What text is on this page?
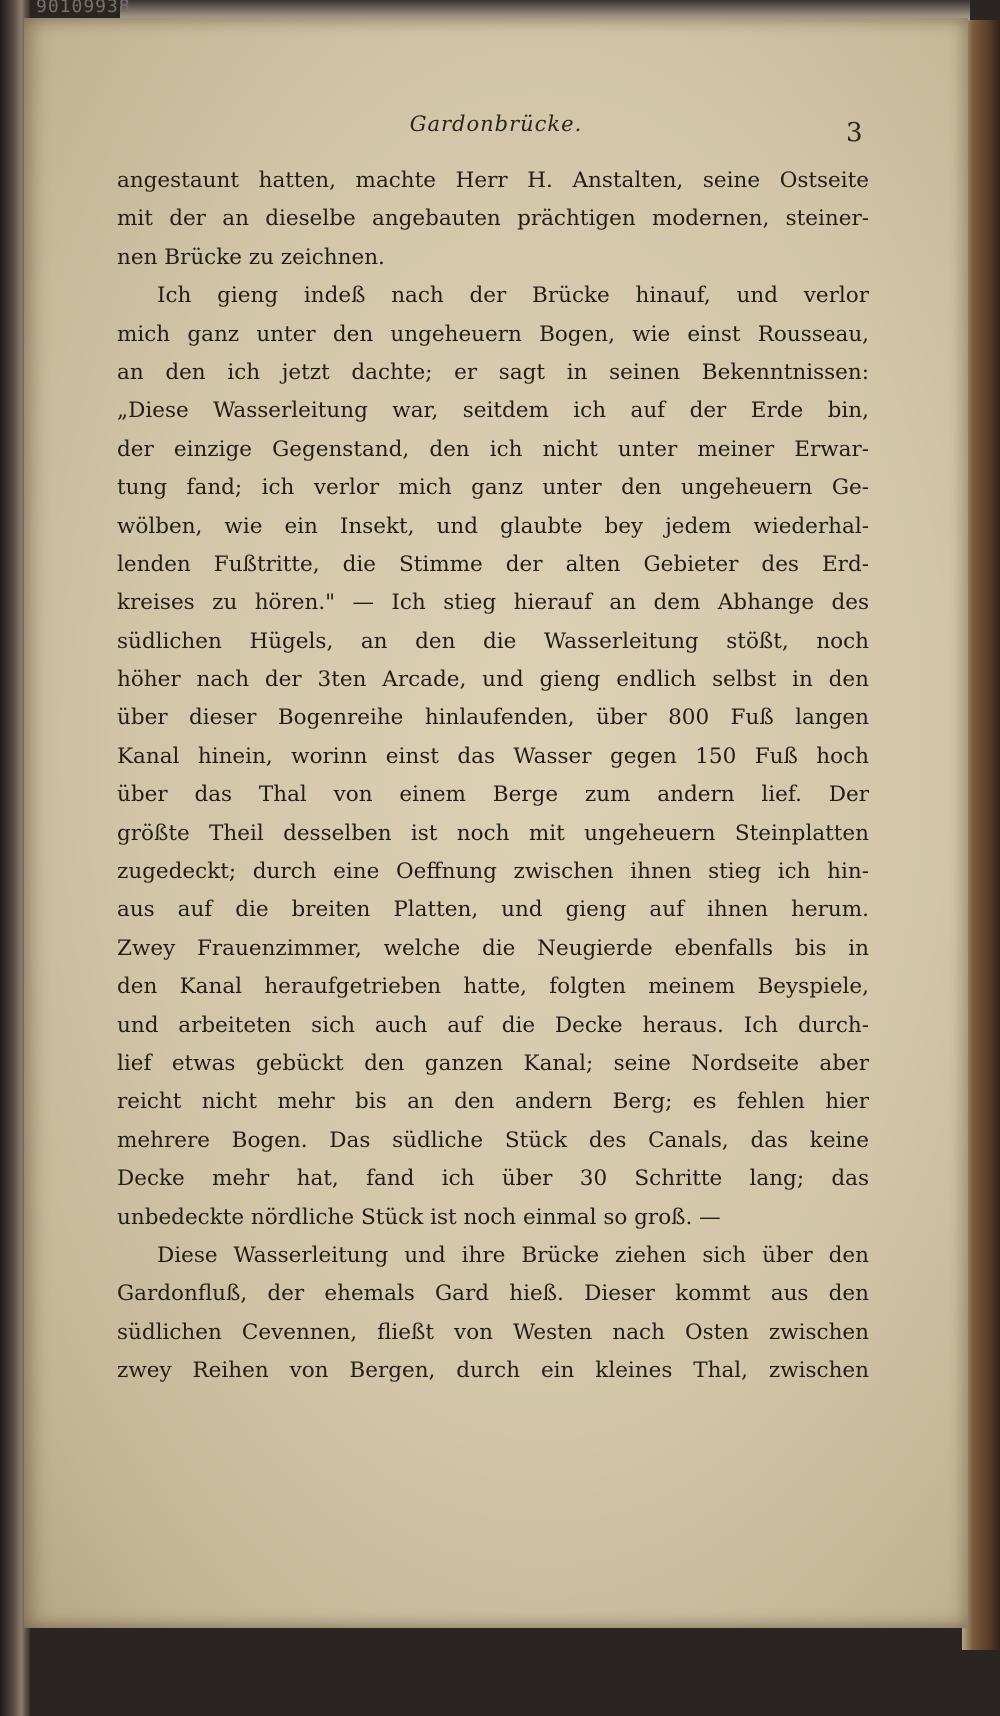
90109938
Gardonbrücke.	3
angestaunt hatten, machte Herr H. Anstalten, seine Ostseite
mit der an dieselbe angebauten prächtigen modernen, steiner-
nen Brücke zu zeichnen.
Ich gieng indeß nach der Brücke hinauf, und verlor
mich ganz unter den ungeheuern Bogen, wie einst Rousseau,
an den ich jetzt dachte; er sagt in seinen Bekenntnissen:
„Diese Wasserleitung war, seitdem ich auf der Erde bin,
der einzige Gegenstand, den ich nicht unter meiner Erwar-
tung fand; ich verlor mich ganz unter den ungeheuern Ge-
wölben, wie ein Insekt, und glaubte bey jedem wiederhal-
lenden Fußtritte, die Stimme der alten Gebieter des Erd-
kreises zu hören." — Ich stieg hierauf an dem Abhange des
südlichen Hügels, an den die Wasserleitung stößt, noch
höher nach der 3ten Arcade, und gieng endlich selbst in den
über dieser Bogenreihe hinlaufenden, über 800 Fuß langen
Kanal hinein, worinn einst das Wasser gegen 150 Fuß hoch
über das Thal von einem Berge zum andern lief. Der
größte Theil desselben ist noch mit ungeheuern Steinplatten
zugedeckt; durch eine Oeffnung zwischen ihnen stieg ich hin-
aus auf die breiten Platten, und gieng auf ihnen herum.
Zwey Frauenzimmer, welche die Neugierde ebenfalls bis in
den Kanal heraufgetrieben hatte, folgten meinem Beyspiele,
und arbeiteten sich auch auf die Decke heraus. Ich durch-
lief etwas gebückt den ganzen Kanal; seine Nordseite aber
reicht nicht mehr bis an den andern Berg; es fehlen hier
mehrere Bogen. Das südliche Stück des Canals, das keine
Decke mehr hat, fand ich über 30 Schritte lang; das
unbedeckte nördliche Stück ist noch einmal so groß. —
Diese Wasserleitung und ihre Brücke ziehen sich über den
Gardonfluß, der ehemals Gard hieß. Dieser kommt aus den
südlichen Cevennen, fließt von Westen nach Osten zwischen
zwey Reihen von Bergen, durch ein kleines Thal, zwischen
